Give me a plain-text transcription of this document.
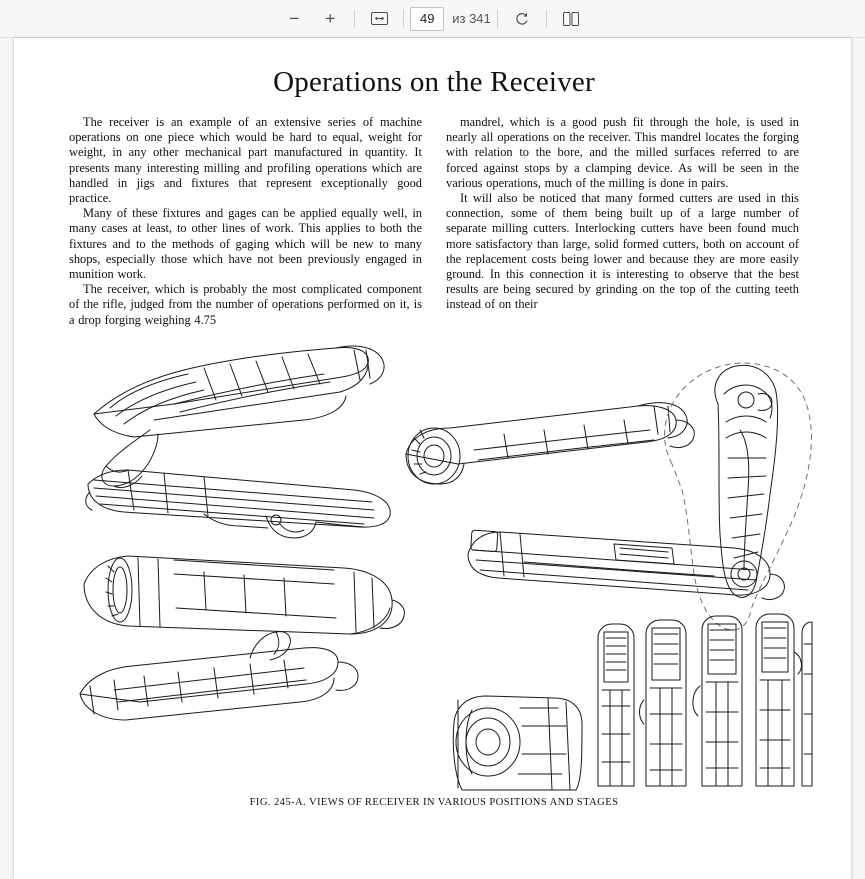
−	+
49	из 341
Operations on the Receiver

The receiver is an example of an extensive series of machine operations on one piece which would be hard to equal, weight for weight, in any other mechanical part manufactured in quantity. It presents many interesting milling and profiling operations which are handled in jigs and fixtures that represent exceptionally good practice.

Many of these fixtures and gages can be applied equally well, in many cases at least, to other lines of work. This applies to both the fixtures and to the methods of gaging which will be new to many shops, especially those which have not been previously engaged in munition work.

The receiver, which is probably the most complicated component of the rifle, judged from the number of operations performed on it, is a drop forging weighing 4.75

mandrel, which is a good push fit through the hole, is used in nearly all operations on the receiver. This mandrel locates the forging with relation to the bore, and the milled surfaces referred to are forced against stops by a clamping device. As will be seen in the various operations, much of the milling is done in pairs.

It will also be noticed that many formed cutters are used in this connection, some of them being built up of a large number of separate milling cutters. Interlocking cutters have been found much more satisfactory than large, solid formed cutters, both on account of the replacement costs being lower and because they are more easily ground. In this connection it is interesting to observe that the best results are being secured by grinding on the top of the cutting teeth instead of on their

FIG. 245-A. VIEWS OF RECEIVER IN VARIOUS POSITIONS AND STAGES
